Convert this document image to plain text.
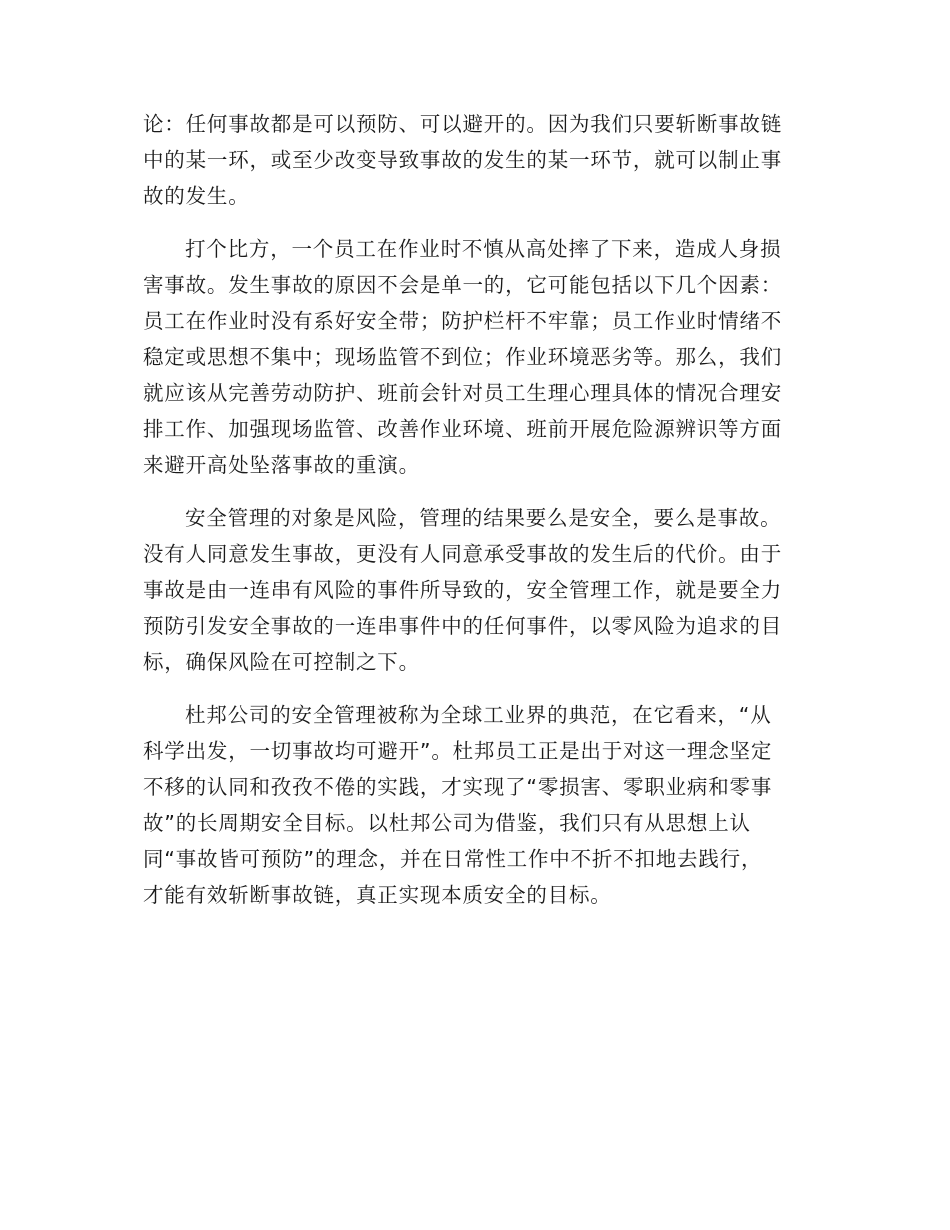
论：任何事故都是可以预防、可以避开的。因为我们只要斩断事故链
中的某一环，或至少改变导致事故的发生的某一环节，就可以制止事
故的发生。
打个比方，一个员工在作业时不慎从高处摔了下来，造成人身损
害事故。发生事故的原因不会是单一的，它可能包括以下几个因素：
员工在作业时没有系好安全带；防护栏杆不牢靠；员工作业时情绪不
稳定或思想不集中；现场监管不到位；作业环境恶劣等。那么，我们
就应该从完善劳动防护、班前会针对员工生理心理具体的情况合理安
排工作、加强现场监管、改善作业环境、班前开展危险源辨识等方面
来避开高处坠落事故的重演。
安全管理的对象是风险，管理的结果要么是安全，要么是事故。
没有人同意发生事故，更没有人同意承受事故的发生后的代价。由于
事故是由一连串有风险的事件所导致的，安全管理工作，就是要全力
预防引发安全事故的一连串事件中的任何事件，以零风险为追求的目
标，确保风险在可控制之下。
杜邦公司的安全管理被称为全球工业界的典范，在它看来，“从
科学出发，一切事故均可避开”。杜邦员工正是出于对这一理念坚定
不移的认同和孜孜不倦的实践，才实现了“零损害、零职业病和零事
故”的长周期安全目标。以杜邦公司为借鉴，我们只有从思想上认
同“事故皆可预防”的理念，并在日常性工作中不折不扣地去践行，
才能有效斩断事故链，真正实现本质安全的目标。
